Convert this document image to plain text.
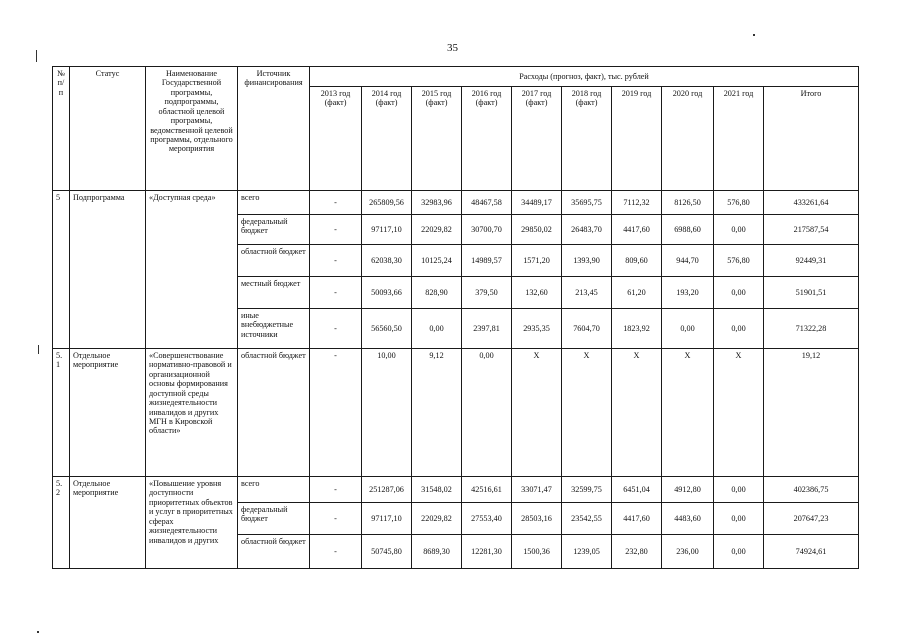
35
№ п/п	Статус	Наименование Государственной программы, подпрограммы, областной целевой программы, ведомственной целевой программы, отдельного мероприятия	Источник финансирования	Расходы (прогноз, факт), тыс. рублей									
				2013 год (факт)	2014 год (факт)	2015 год (факт)	2016 год (факт)	2017 год (факт)	2018 год (факт)	2019 год	2020 год	2021 год	Итого
5	Подпрограмма	«Доступная среда»	всего	-	265809,56	32983,96	48467,58	34489,17	35695,75	7112,32	8126,50	576,80	433261,64
			федеральный бюджет	-	97117,10	22029,82	30700,70	29850,02	26483,70	4417,60	6988,60	0,00	217587,54
			областной бюджет	-	62038,30	10125,24	14989,57	1571,20	1393,90	809,60	944,70	576,80	92449,31
			местный бюджет	-	50093,66	828,90	379,50	132,60	213,45	61,20	193,20	0,00	51901,51
			иные внебюджетные источники	-	56560,50	0,00	2397,81	2935,35	7604,70	1823,92	0,00	0,00	71322,28
5.1	Отдельное мероприятие	«Совершенствование нормативно-правовой и организационной основы формирования доступной среды жизнедеятельности инвалидов и других МГН в Кировской области»	областной бюджет	-	10,00	9,12	0,00	X	X	X	X	X	19,12
5.2	Отдельное мероприятие	«Повышение уровня доступности приоритетных объектов и услуг в приоритетных сферах жизнедеятельности инвалидов и других	всего	-	251287,06	31548,02	42516,61	33071,47	32599,75	6451,04	4912,80	0,00	402386,75
			федеральный бюджет	-	97117,10	22029,82	27553,40	28503,16	23542,55	4417,60	4483,60	0,00	207647,23
			областной бюджет	-	50745,80	8689,30	12281,30	1500,36	1239,05	232,80	236,00	0,00	74924,61
